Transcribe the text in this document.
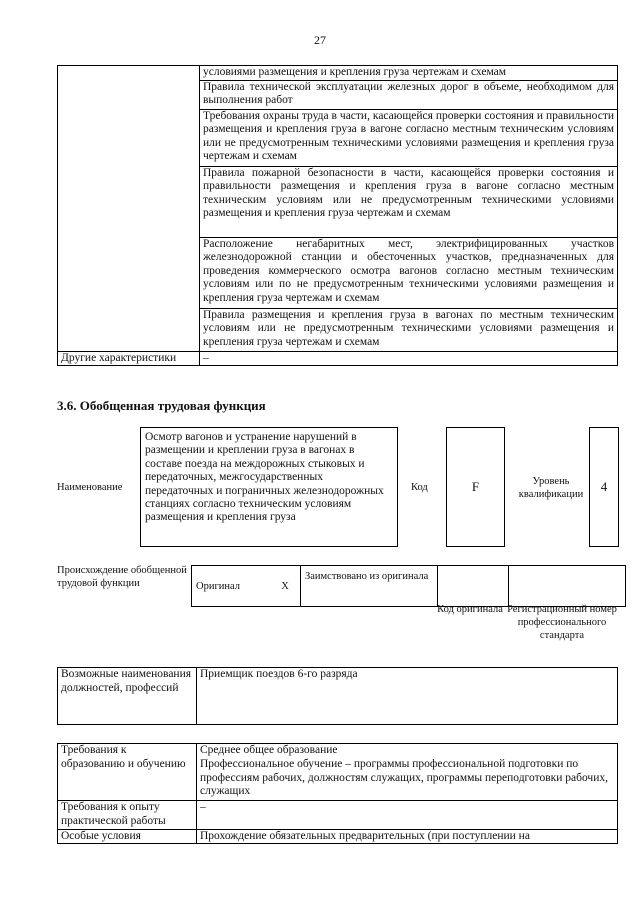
27
	условиями размещения и крепления груза чертежам и схемам
	Правила технической эксплуатации железных дорог в объеме, необходимом для выполнения работ
	Требования охраны труда в части, касающейся проверки состояния и правильности размещения и крепления груза в вагоне согласно местным техническим условиям или не предусмотренным техническими условиями размещения и крепления груза чертежам и схемам
	Правила пожарной безопасности в части, касающейся проверки состояния и правильности размещения и крепления груза в вагоне согласно местным техническим условиям или не предусмотренным техническими условиями размещения и крепления груза чертежам и схемам
	Расположение негабаритных мест, электрифицированных участков железнодорожной станции и обесточенных участков, предназначенных для проведения коммерческого осмотра вагонов согласно местным техническим условиям или по не предусмотренным техническими условиями размещения и крепления груза чертежам и схемам
	Правила размещения и крепления груза в вагонах по местным техническим условиям или не предусмотренным техническими условиями размещения и крепления груза чертежам и схемам
Другие характеристики	–
3.6. Обобщенная трудовая функция
Наименование
Осмотр вагонов и устранение нарушений в размещении и креплении груза в вагонах в составе поезда на междорожных стыковых и передаточных, межгосударственных передаточных и пограничных железнодорожных станциях согласно техническим условиям размещения и крепления груза
Код	F	Уровень квалификации
4
Происхождение обобщенной трудовой функции	Оригинал	X	Заимствовано из оригинала		
Код оригинала Регистрационный номер профессионального стандарта
Возможные наименования должностей, профессий	Приемщик поездов 6-го разряда
Требования к образованию и обучению	Среднее общее образование
Профессиональное обучение – программы профессиональной подготовки по профессиям рабочих, должностям служащих, программы переподготовки рабочих, служащих

Требования к опыту практической работы	–
Особые условия	Прохождение обязательных предварительных (при поступлении на
